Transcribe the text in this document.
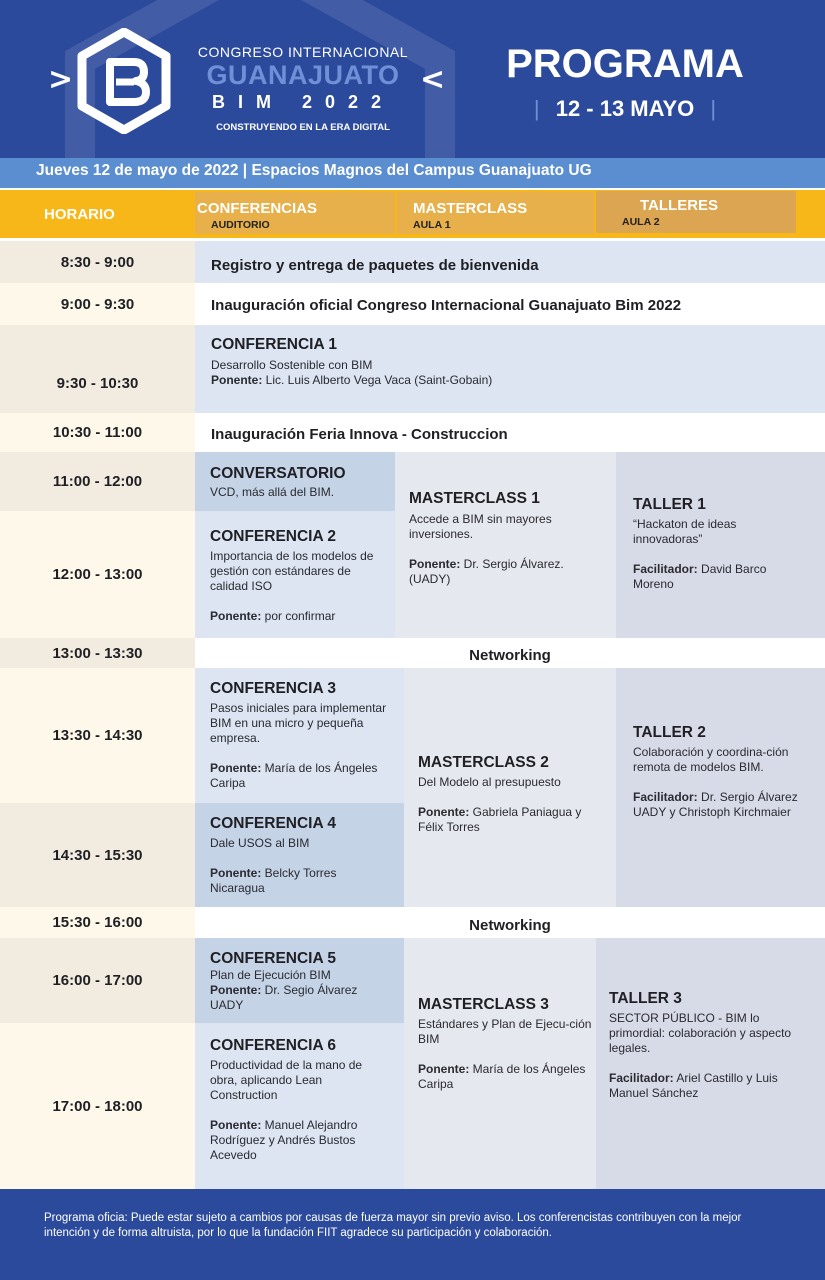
>
CONGRESO INTERNACIONAL
GUANAJUATO
BIM 2022
CONSTRUYENDO EN LA ERA DIGITAL
<	PROGRAMA
| 12 - 13 MAYO |
Jueves 12 de mayo de 2022 | Espacios Magnos del Campus Guanajuato UG
HORARIO	CONFERENCIAS
AUDITORIO
MASTERCLASS
AULA 1
TALLERES
AULA 2
8:30 - 9:00
9:00 - 9:30
9:30 - 10:30
10:30 - 11:00
11:00 - 12:00
12:00 - 13:00
13:00 - 13:30
13:30 - 14:30
14:30 - 15:30
15:30 - 16:00
16:00 - 17:00
17:00 - 18:00
Registro y entrega de paquetes de bienvenida
Inauguración oficial Congreso Internacional Guanajuato Bim 2022
CONFERENCIA 1
Desarrollo Sostenible con BIM
Ponente: Lic. Luis Alberto Vega Vaca (Saint-Gobain)
Inauguración Feria Innova - Construccion
CONVERSATORIO
VCD, más allá del BIM.
CONFERENCIA 2
Importancia de los modelos de gestión con estándares de calidad ISO
Ponente: por confirmar
MASTERCLASS 1
Accede a BIM sin mayores inversiones.
Ponente: Dr. Sergio Álvarez. (UADY)
TALLER 1
“Hackaton de ideas innovadoras”
Facilitador: David Barco Moreno
Networking
CONFERENCIA 3
Pasos iniciales para implementar BIM en una micro y pequeña empresa.
Ponente: María de los Ángeles Caripa
CONFERENCIA 4
Dale USOS al BIM
Ponente: Belcky Torres Nicaragua
MASTERCLASS 2
Del Modelo al presupuesto
Ponente: Gabriela Paniagua y Félix Torres
TALLER 2
Colaboración y coordina-ción remota de modelos BIM.
Facilitador: Dr. Sergio Álvarez UADY y Christoph Kirchmaier
Networking
CONFERENCIA 5
Plan de Ejecución BIM
Ponente: Dr. Segio Álvarez UADY
CONFERENCIA 6
Productividad de la mano de obra, aplicando Lean Construction
Ponente: Manuel Alejandro Rodríguez y Andrés Bustos Acevedo
MASTERCLASS 3
Estándares y Plan de Ejecu-ción BIM
Ponente: María de los Ángeles Caripa
TALLER 3
SECTOR PÚBLICO - BIM lo primordial: colaboración y aspecto legales.
Facilitador: Ariel Castillo y Luis Manuel Sánchez
Programa oficia: Puede estar sujeto a cambios por causas de fuerza mayor sin previo aviso. Los conferencistas contribuyen con la mejor intención y de forma altruista, por lo que la fundación FIIT agradece su participación y colaboración.
